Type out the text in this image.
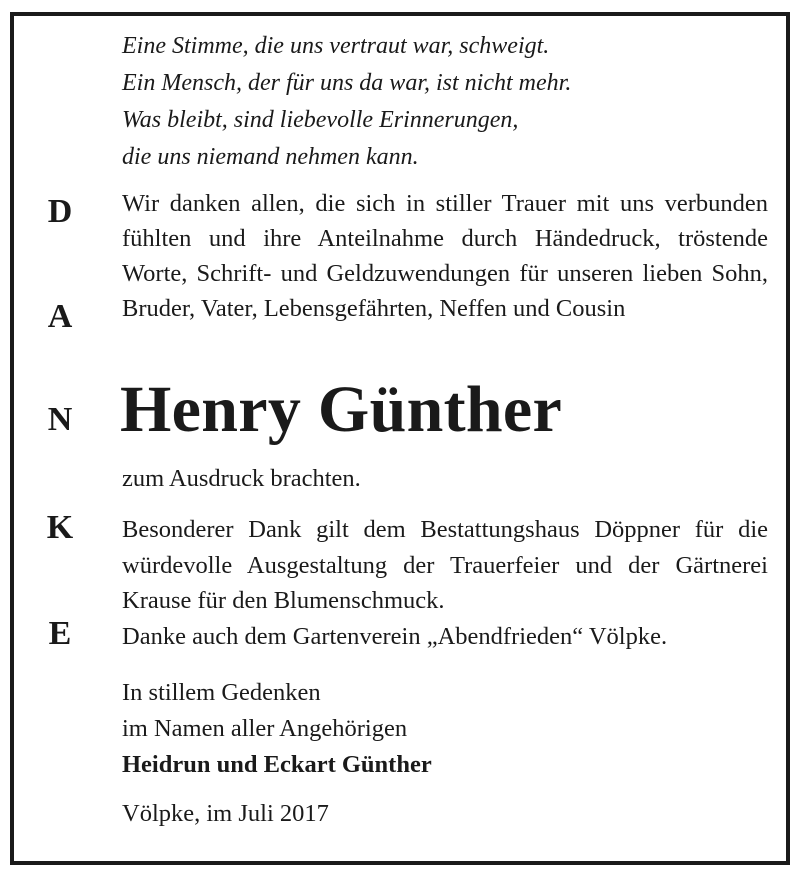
Eine Stimme, die uns vertraut war, schweigt.
Ein Mensch, der für uns da war, ist nicht mehr.
Was bleibt, sind liebevolle Erinnerungen,
die uns niemand nehmen kann.
D
A
N
K
E
Wir danken allen, die sich in stiller Trauer mit uns verbunden fühlten und ihre Anteilnahme durch Händedruck, tröstende Worte, Schrift- und Geldzuwendungen für unseren lieben Sohn, Bruder, Vater, Lebensgefährten, Neffen und Cousin
Henry Günther
zum Ausdruck brachten.
Besonderer Dank gilt dem Bestattungshaus Döppner für die würdevolle Ausgestaltung der Trauerfeier und der Gärtnerei Krause für den Blumenschmuck.
Danke auch dem Gartenverein „Abendfrieden“ Völpke.
In stillem Gedenken
im Namen aller Angehörigen
Heidrun und Eckart Günther
Völpke, im Juli 2017
